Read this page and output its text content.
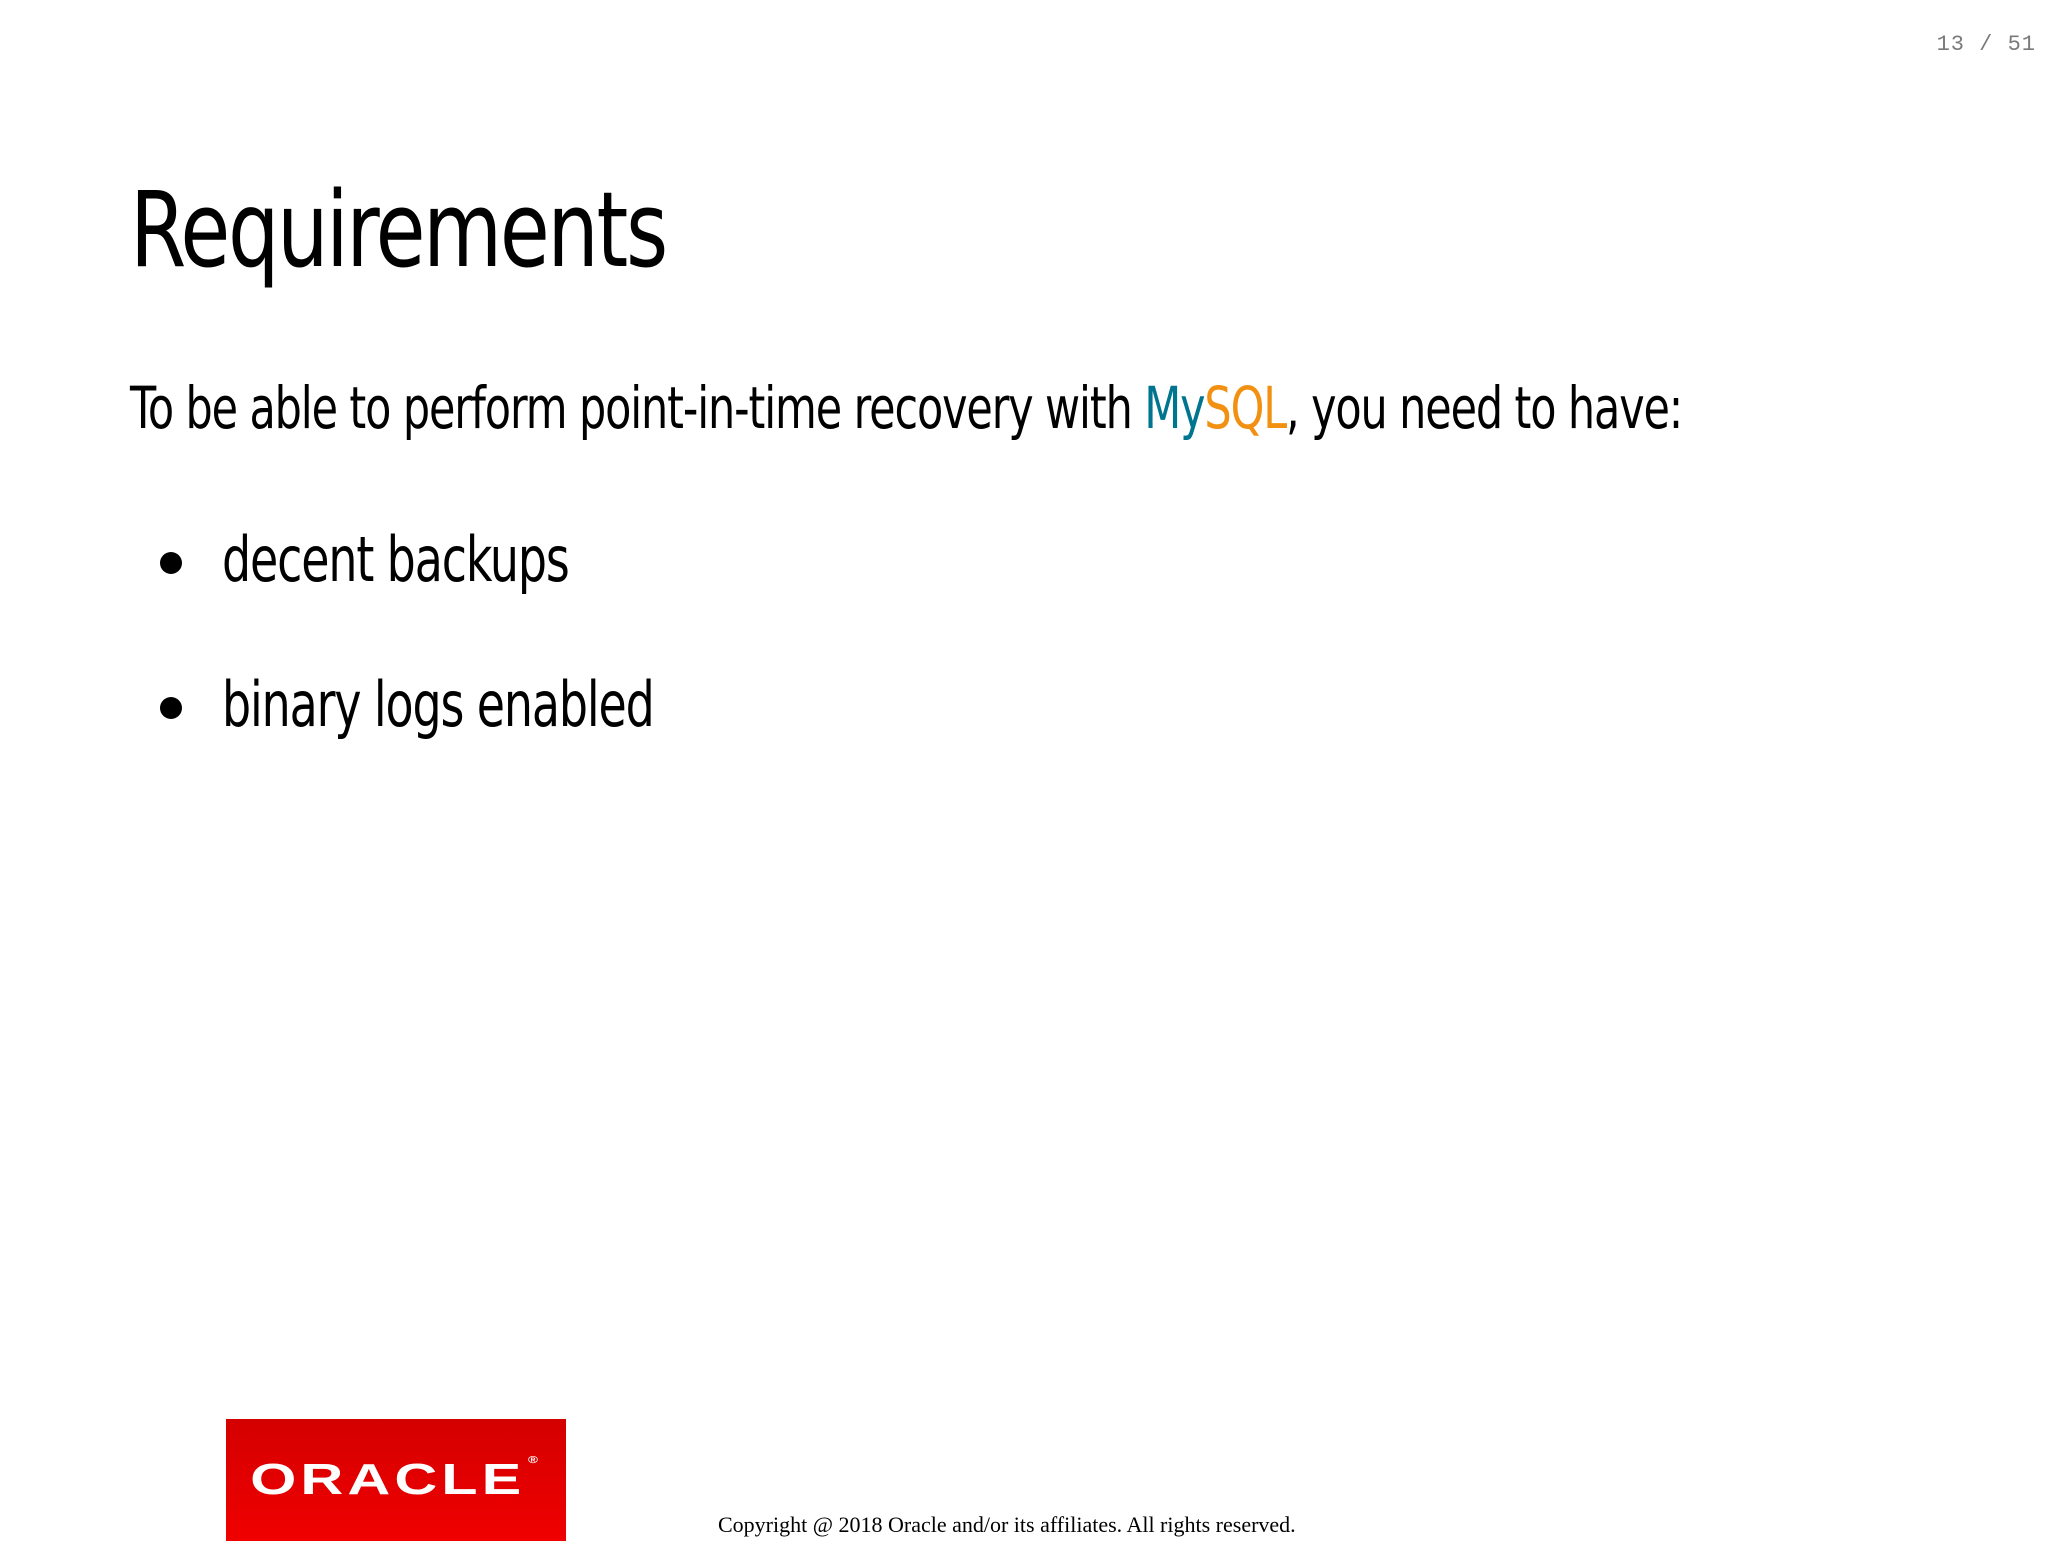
13 / 51
Requirements

To be able to perform point-in-time recovery with MySQL, you need to have:

decent backups
binary logs enabled
ORACLE ®
Copyright @ 2018 Oracle and/or its affiliates. All rights reserved.
